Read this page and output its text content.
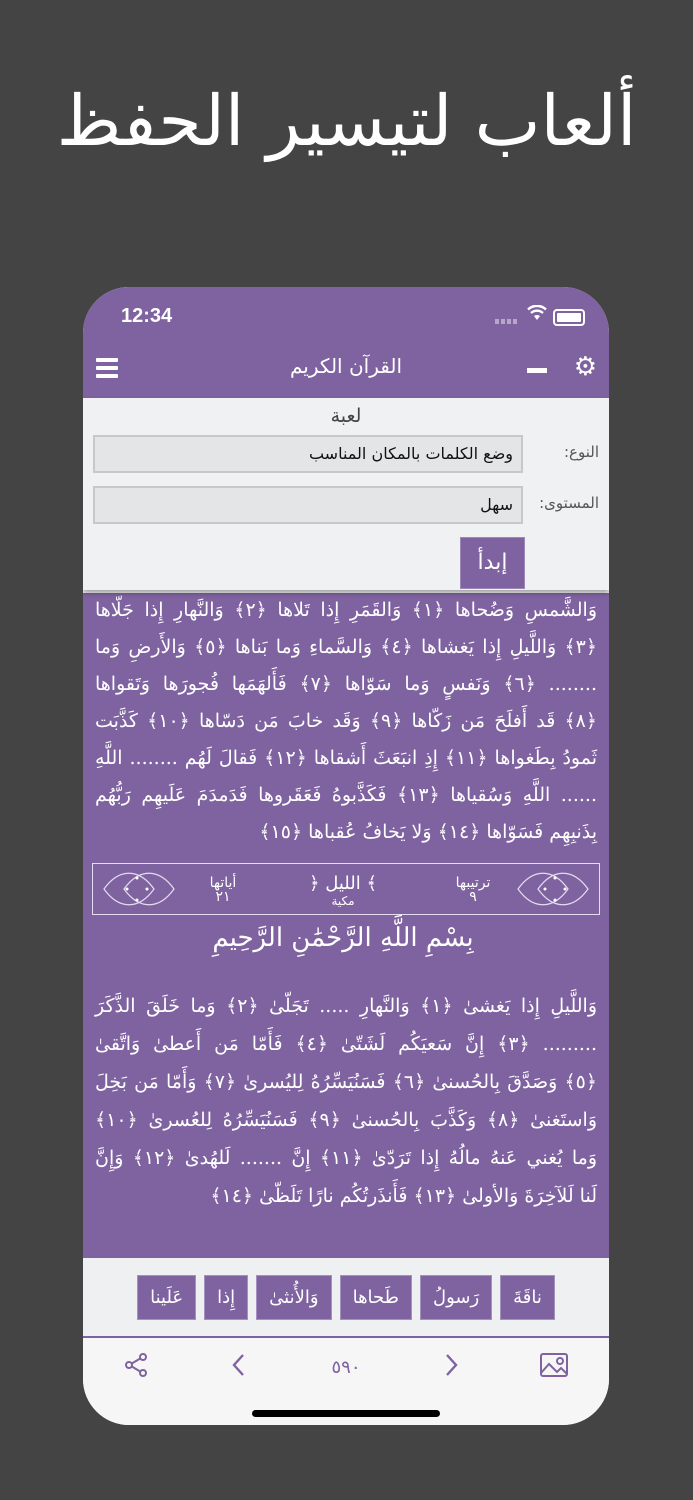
ألعاب لتيسير الحفظ
12:34
القرآن الكريم	⚙
لعبة
النوع:
وضع الكلمات بالمكان المناسب
المستوى:
سهل
إبدأ
وَالشَّمسِ وَضُحاها ﴿١﴾ وَالقَمَرِ إِذا تَلاها ﴿٢﴾ وَالنَّهارِ إِذا جَلّاها
﴿٣﴾ وَاللَّيلِ إِذا يَغشاها ﴿٤﴾ وَالسَّماءِ وَما بَناها ﴿٥﴾ وَالأَرضِ وَما
........ ﴿٦﴾ وَنَفسٍ وَما سَوّاها ﴿٧﴾ فَأَلهَمَها فُجورَها وَتَقواها
﴿٨﴾ قَد أَفلَحَ مَن زَكّاها ﴿٩﴾ وَقَد خابَ مَن دَسّاها ﴿١٠﴾ كَذَّبَت
ثَمودُ بِطَغواها ﴿١١﴾ إِذِ انبَعَثَ أَشقاها ﴿١٢﴾ فَقالَ لَهُم ........ اللَّهِ
...... اللَّهِ وَسُقياها ﴿١٣﴾ فَكَذَّبوهُ فَعَقَروها فَدَمدَمَ عَلَيهِم رَبُّهُم
بِذَنبِهِم فَسَوّاها ﴿١٤﴾ وَلا يَخافُ عُقباها ﴿١٥﴾
أياتها
٢١
﴿ الليل ﴾
مكية
ترتيبها
٩
بِسْمِ اللَّهِ الرَّحْمَٰنِ الرَّحِيمِ
وَاللَّيلِ إِذا يَغشىٰ ﴿١﴾ وَالنَّهارِ ..... تَجَلّىٰ ﴿٢﴾ وَما خَلَقَ الذَّكَرَ
......... ﴿٣﴾ إِنَّ سَعيَكُم لَشَتّىٰ ﴿٤﴾ فَأَمّا مَن أَعطىٰ وَاتَّقىٰ
﴿٥﴾ وَصَدَّقَ بِالحُسنىٰ ﴿٦﴾ فَسَنُيَسِّرُهُ لِليُسرىٰ ﴿٧﴾ وَأَمّا مَن بَخِلَ
وَاستَغنىٰ ﴿٨﴾ وَكَذَّبَ بِالحُسنىٰ ﴿٩﴾ فَسَنُيَسِّرُهُ لِلعُسرىٰ ﴿١٠﴾
وَما يُغني عَنهُ مالُهُ إِذا تَرَدّىٰ ﴿١١﴾ إِنَّ ....... لَلهُدىٰ ﴿١٢﴾ وَإِنَّ
لَنا لَلآخِرَةَ وَالأولىٰ ﴿١٣﴾ فَأَنذَرتُكُم نارًا تَلَظّىٰ ﴿١٤﴾
ناقَةَ
رَسولُ
طَحاها
وَالأُنثىٰ
إِذا
عَلَينا
٥٩٠
